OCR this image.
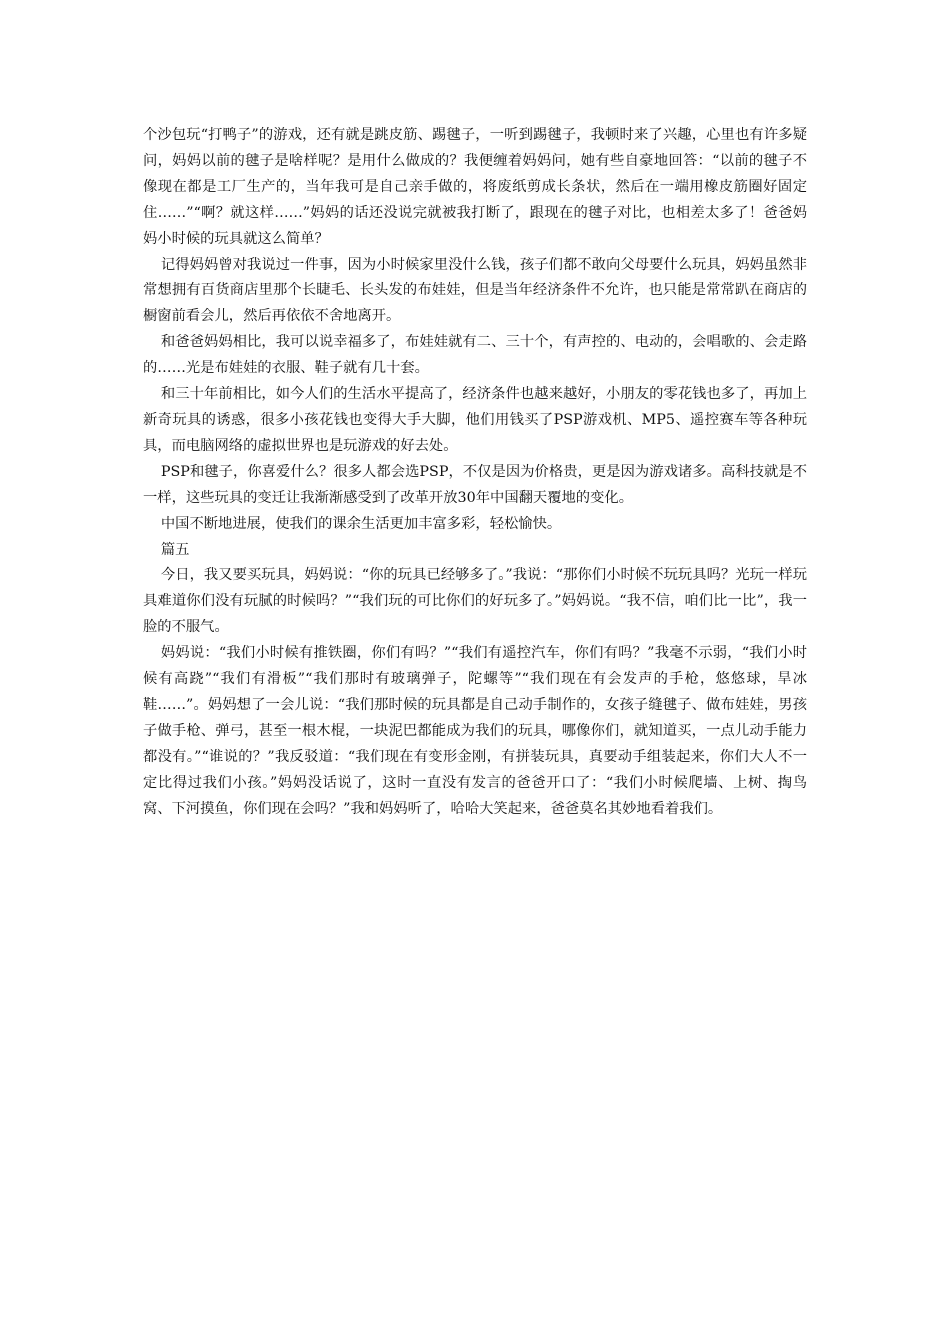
个沙包玩“打鸭子”的游戏，还有就是跳皮筋、踢毽子，一听到踢毽子，我顿时来了兴趣，心里也有许多疑问，妈妈以前的毽子是啥样呢？是用什么做成的？我便缠着妈妈问，她有些自豪地回答：“以前的毽子不像现在都是工厂生产的，当年我可是自己亲手做的，将废纸剪成长条状，然后在一端用橡皮筋圈好固定住……”“啊？就这样……”妈妈的话还没说完就被我打断了，跟现在的毽子对比，也相差太多了！爸爸妈妈小时候的玩具就这么简单？

记得妈妈曾对我说过一件事，因为小时候家里没什么钱，孩子们都不敢向父母要什么玩具，妈妈虽然非常想拥有百货商店里那个长睫毛、长头发的布娃娃，但是当年经济条件不允许，也只能是常常趴在商店的橱窗前看会儿，然后再依依不舍地离开。

和爸爸妈妈相比，我可以说幸福多了，布娃娃就有二、三十个，有声控的、电动的，会唱歌的、会走路的……光是布娃娃的衣服、鞋子就有几十套。

和三十年前相比，如今人们的生活水平提高了，经济条件也越来越好，小朋友的零花钱也多了，再加上新奇玩具的诱惑，很多小孩花钱也变得大手大脚，他们用钱买了PSP游戏机、MP5、遥控赛车等各种玩具，而电脑网络的虚拟世界也是玩游戏的好去处。

PSP和毽子，你喜爱什么？很多人都会选PSP，不仅是因为价格贵，更是因为游戏诸多。高科技就是不一样，这些玩具的变迁让我渐渐感受到了改革开放30年中国翻天覆地的变化。

中国不断地进展，使我们的课余生活更加丰富多彩，轻松愉快。

篇五

今日，我又要买玩具，妈妈说：“你的玩具已经够多了。”我说：“那你们小时候不玩玩具吗？光玩一样玩具难道你们没有玩腻的时候吗？”“我们玩的可比你们的好玩多了。”妈妈说。“我不信，咱们比一比”，我一脸的不服气。

妈妈说：“我们小时候有推铁圈，你们有吗？”“我们有遥控汽车，你们有吗？”我毫不示弱，“我们小时候有高跷”“我们有滑板”“我们那时有玻璃弹子，陀螺等”“我们现在有会发声的手枪，悠悠球，旱冰鞋……”。妈妈想了一会儿说：“我们那时候的玩具都是自己动手制作的，女孩子缝毽子、做布娃娃，男孩子做手枪、弹弓，甚至一根木棍，一块泥巴都能成为我们的玩具，哪像你们，就知道买，一点儿动手能力都没有。”“谁说的？”我反驳道：“我们现在有变形金刚，有拼装玩具，真要动手组装起来，你们大人不一定比得过我们小孩。”妈妈没话说了，这时一直没有发言的爸爸开口了：“我们小时候爬墙、上树、掏鸟窝、下河摸鱼，你们现在会吗？”我和妈妈听了，哈哈大笑起来，爸爸莫名其妙地看着我们。
